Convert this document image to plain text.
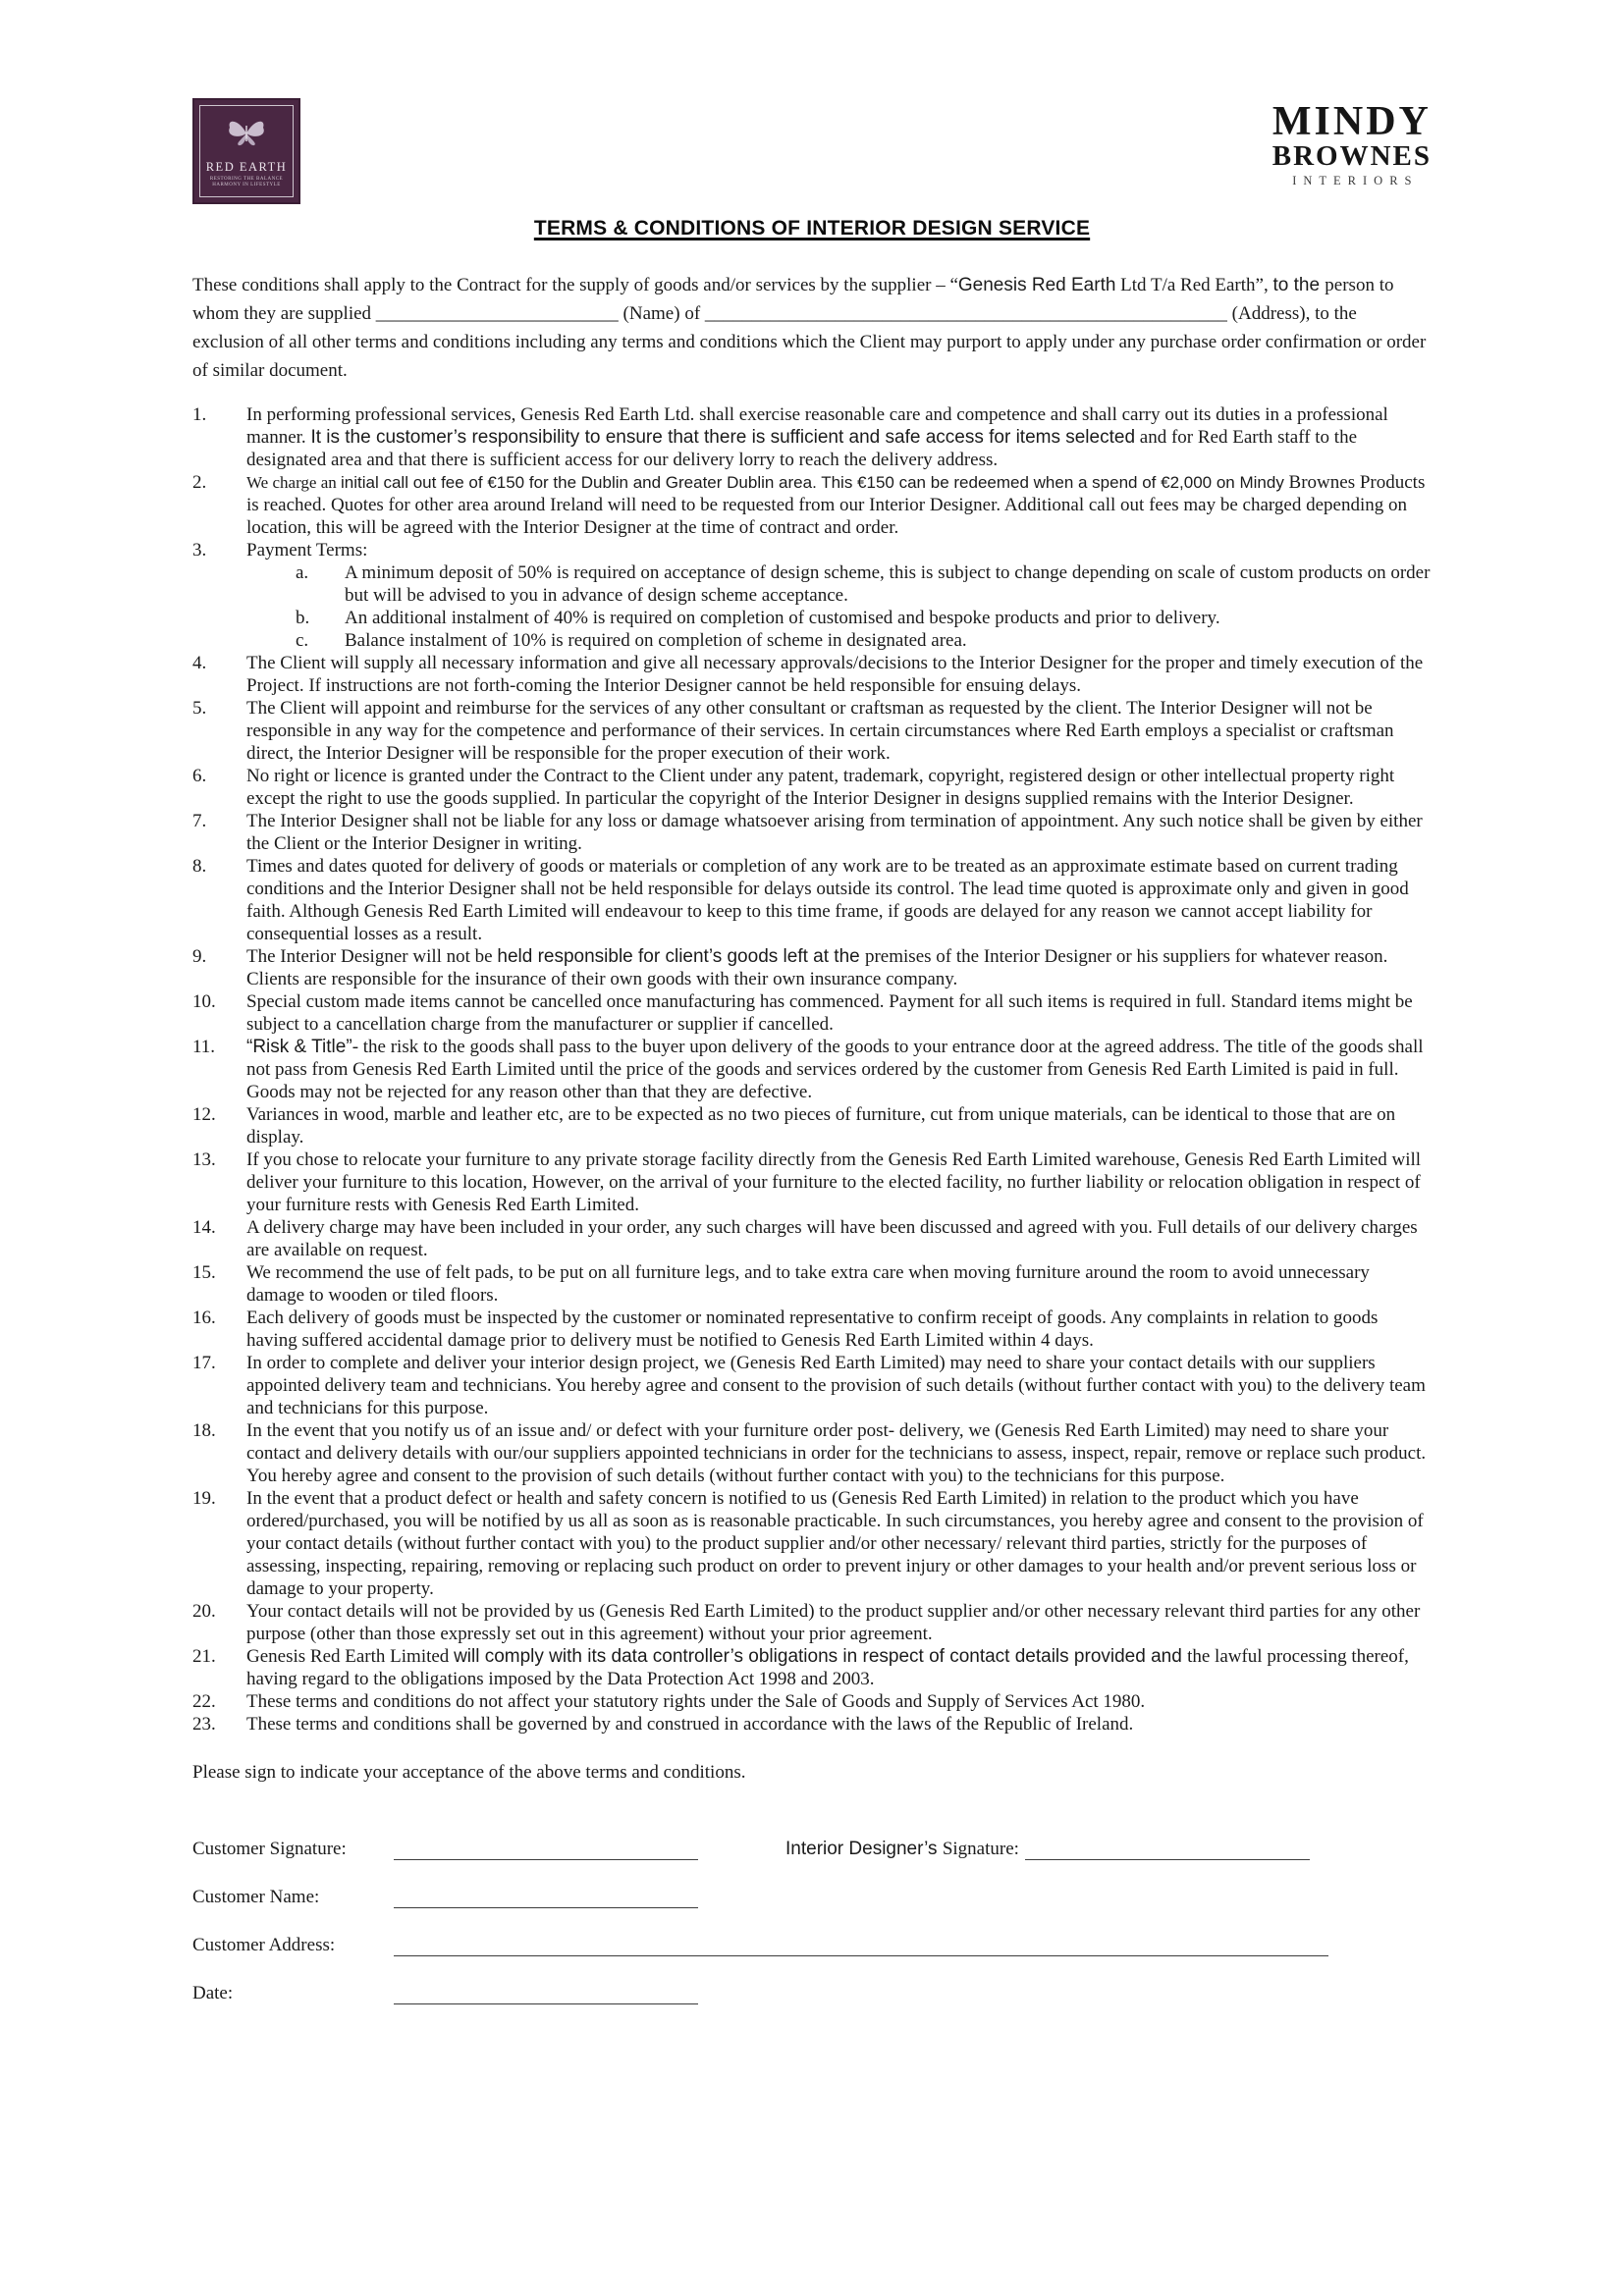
RED EARTH
RESTORING THE BALANCE
HARMONY IN LIFESTYLE
MINDY
BROWNES
INTERIORS
TERMS & CONDITIONS OF INTERIOR DESIGN SERVICE

These conditions shall apply to the Contract for the supply of goods and/or services by the supplier – “Genesis Red Earth Ltd T/a Red Earth”, to the person to whom they are supplied __________________________ (Name) of ________________________________________________________ (Address), to the exclusion of all other terms and conditions including any terms and conditions which the Client may purport to apply under any purchase order confirmation or order of similar document.

1.	In performing professional services, Genesis Red Earth Ltd. shall exercise reasonable care and competence and shall carry out its duties in a professional manner. It is the customer’s responsibility to ensure that there is sufficient and safe access for items selected and for Red Earth staff to the designated area and that there is sufficient access for our delivery lorry to reach the delivery address.
2.	We charge an initial call out fee of €150 for the Dublin and Greater Dublin area. This €150 can be redeemed when a spend of €2,000 on Mindy Brownes Products is reached. Quotes for other area around Ireland will need to be requested from our Interior Designer. Additional call out fees may be charged depending on location, this will be agreed with the Interior Designer at the time of contract and order.
3.	Payment Terms:
a.	A minimum deposit of 50% is required on acceptance of design scheme, this is subject to change depending on scale of custom products on order but will be advised to you in advance of design scheme acceptance.
b.	An additional instalment of 40% is required on completion of customised and bespoke products and prior to delivery.
c.	Balance instalment of 10% is required on completion of scheme in designated area.
4.	The Client will supply all necessary information and give all necessary approvals/decisions to the Interior Designer for the proper and timely execution of the Project. If instructions are not forth-coming the Interior Designer cannot be held responsible for ensuing delays.
5.	The Client will appoint and reimburse for the services of any other consultant or craftsman as requested by the client. The Interior Designer will not be responsible in any way for the competence and performance of their services. In certain circumstances where Red Earth employs a specialist or craftsman direct, the Interior Designer will be responsible for the proper execution of their work.
6.	No right or licence is granted under the Contract to the Client under any patent, trademark, copyright, registered design or other intellectual property right except the right to use the goods supplied. In particular the copyright of the Interior Designer in designs supplied remains with the Interior Designer.
7.	The Interior Designer shall not be liable for any loss or damage whatsoever arising from termination of appointment. Any such notice shall be given by either the Client or the Interior Designer in writing.
8.	Times and dates quoted for delivery of goods or materials or completion of any work are to be treated as an approximate estimate based on current trading conditions and the Interior Designer shall not be held responsible for delays outside its control. The lead time quoted is approximate only and given in good faith. Although Genesis Red Earth Limited will endeavour to keep to this time frame, if goods are delayed for any reason we cannot accept liability for consequential losses as a result.
9.	The Interior Designer will not be held responsible for client’s goods left at the premises of the Interior Designer or his suppliers for whatever reason. Clients are responsible for the insurance of their own goods with their own insurance company.
10.	Special custom made items cannot be cancelled once manufacturing has commenced. Payment for all such items is required in full. Standard items might be subject to a cancellation charge from the manufacturer or supplier if cancelled.
11.	“Risk & Title”- the risk to the goods shall pass to the buyer upon delivery of the goods to your entrance door at the agreed address. The title of the goods shall not pass from Genesis Red Earth Limited until the price of the goods and services ordered by the customer from Genesis Red Earth Limited is paid in full. Goods may not be rejected for any reason other than that they are defective.
12.	Variances in wood, marble and leather etc, are to be expected as no two pieces of furniture, cut from unique materials, can be identical to those that are on display.
13.	If you chose to relocate your furniture to any private storage facility directly from the Genesis Red Earth Limited warehouse, Genesis Red Earth Limited will deliver your furniture to this location, However, on the arrival of your furniture to the elected facility, no further liability or relocation obligation in respect of your furniture rests with Genesis Red Earth Limited.
14.	A delivery charge may have been included in your order, any such charges will have been discussed and agreed with you. Full details of our delivery charges are available on request.
15.	We recommend the use of felt pads, to be put on all furniture legs, and to take extra care when moving furniture around the room to avoid unnecessary damage to wooden or tiled floors.
16.	Each delivery of goods must be inspected by the customer or nominated representative to confirm receipt of goods. Any complaints in relation to goods having suffered accidental damage prior to delivery must be notified to Genesis Red Earth Limited within 4 days.
17.	In order to complete and deliver your interior design project, we (Genesis Red Earth Limited) may need to share your contact details with our suppliers appointed delivery team and technicians. You hereby agree and consent to the provision of such details (without further contact with you) to the delivery team and technicians for this purpose.
18.	In the event that you notify us of an issue and/ or defect with your furniture order post- delivery, we (Genesis Red Earth Limited) may need to share your contact and delivery details with our/our suppliers appointed technicians in order for the technicians to assess, inspect, repair, remove or replace such product. You hereby agree and consent to the provision of such details (without further contact with you) to the technicians for this purpose.
19.	In the event that a product defect or health and safety concern is notified to us (Genesis Red Earth Limited) in relation to the product which you have ordered/purchased, you will be notified by us all as soon as is reasonable practicable. In such circumstances, you hereby agree and consent to the provision of your contact details (without further contact with you) to the product supplier and/or other necessary/ relevant third parties, strictly for the purposes of assessing, inspecting, repairing, removing or replacing such product on order to prevent injury or other damages to your health and/or prevent serious loss or damage to your property.
20.	Your contact details will not be provided by us (Genesis Red Earth Limited) to the product supplier and/or other necessary relevant third parties for any other purpose (other than those expressly set out in this agreement) without your prior agreement.
21.	Genesis Red Earth Limited will comply with its data controller’s obligations in respect of contact details provided and the lawful processing thereof, having regard to the obligations imposed by the Data Protection Act 1998 and 2003.
22.	These terms and conditions do not affect your statutory rights under the Sale of Goods and Supply of Services Act 1980.
23.	These terms and conditions shall be governed by and construed in accordance with the laws of the Republic of Ireland.

Please sign to indicate your acceptance of the above terms and conditions.

Customer Signature:	Interior Designer’s Signature:
Customer Name:
Customer Address:
Date:
